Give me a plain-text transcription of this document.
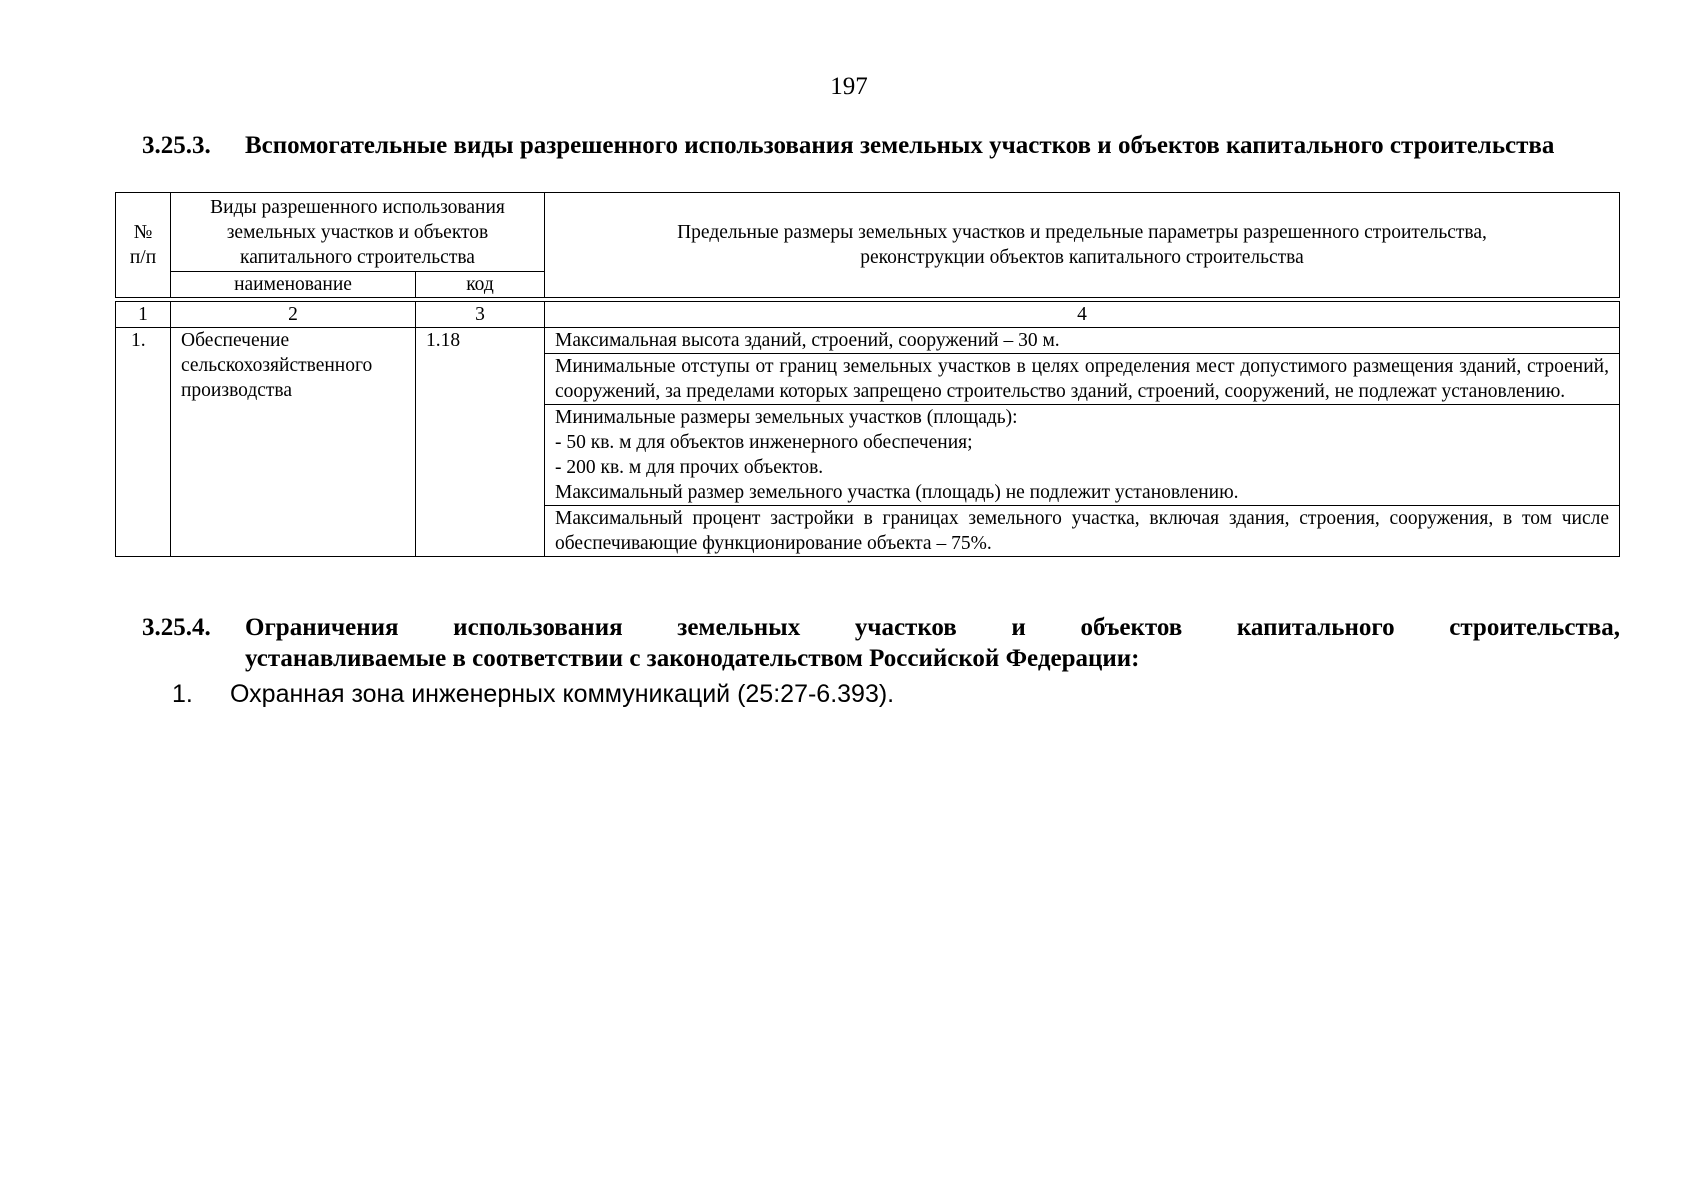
197
3.25.3. Вспомогательные виды разрешенного использования земельных участков и объектов капитального строительства
№
п/п	Виды разрешенного использования
земельных участков и объектов
капитального строительства		Предельные размеры земельных участков и предельные параметры разрешенного строительства,
реконструкции объектов капитального строительства

	наименование	код	
1	2	3	4
1.	Обеспечение
сельскохозяйственного
производства	1.18	Максимальная высота зданий, строений, сооружений – 30 м.
			Минимальные отступы от границ земельных участков в целях определения мест допустимого размещения зданий, строений, сооружений, за пределами которых запрещено строительство зданий, строений, сооружений, не подлежат установлению.

			Минимальные размеры земельных участков (площадь):
- 50 кв. м для объектов инженерного обеспечения;
- 200 кв. м для прочих объектов.
Максимальный размер земельного участка (площадь) не подлежит установлению.

			Максимальный процент застройки в границах земельного участка, включая здания, строения, сооружения, в том числе обеспечивающие функционирование объекта – 75%.
3.25.4. Ограничения использования земельных участков и объектов капитального строительства,
устанавливаемые в соответствии с законодательством Российской Федерации:
1. Охранная зона инженерных коммуникаций (25:27-6.393).
